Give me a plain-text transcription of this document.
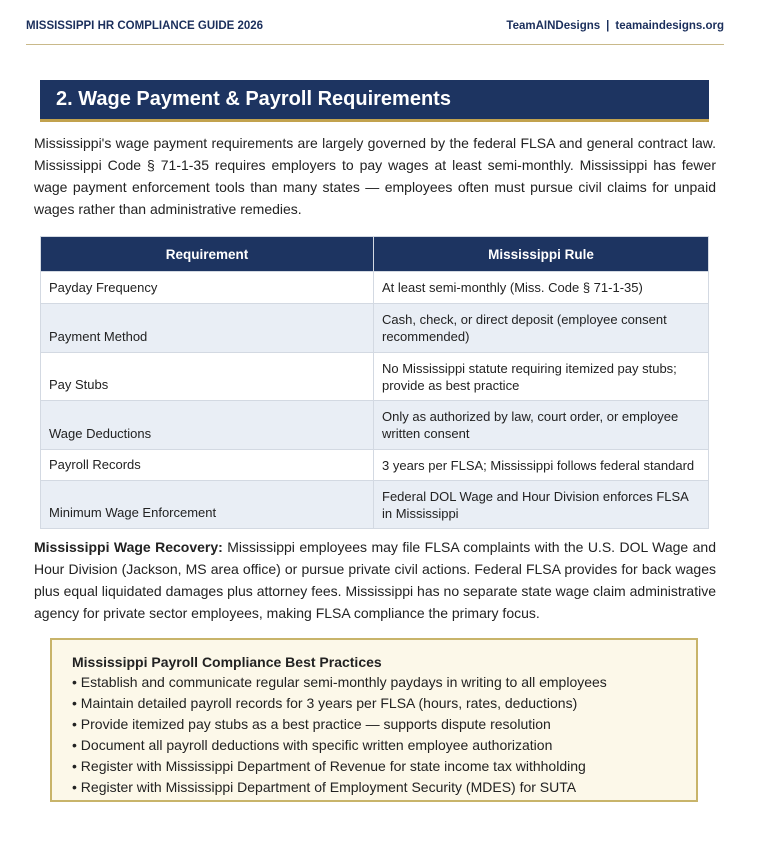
MISSISSIPPI HR COMPLIANCE GUIDE 2026	TeamAINDesigns | teamaindesigns.org
2. Wage Payment & Payroll Requirements

Mississippi's wage payment requirements are largely governed by the federal FLSA and general contract law. Mississippi Code § 71-1-35 requires employers to pay wages at least semi-monthly. Mississippi has fewer wage payment enforcement tools than many states — employees often must pursue civil claims for unpaid wages rather than administrative remedies.

Requirement	Mississippi Rule
Payday Frequency	At least semi-monthly (Miss. Code § 71-1-35)
Payment Method	Cash, check, or direct deposit (employee consent recommended)
Pay Stubs	No Mississippi statute requiring itemized pay stubs; provide as best practice
Wage Deductions	Only as authorized by law, court order, or employee written consent
Payroll Records	3 years per FLSA; Mississippi follows federal standard
Minimum Wage Enforcement	Federal DOL Wage and Hour Division enforces FLSA in Mississippi

Mississippi Wage Recovery: Mississippi employees may file FLSA complaints with the U.S. DOL Wage and Hour Division (Jackson, MS area office) or pursue private civil actions. Federal FLSA provides for back wages plus equal liquidated damages plus attorney fees. Mississippi has no separate state wage claim administrative agency for private sector employees, making FLSA compliance the primary focus.

Mississippi Payroll Compliance Best Practices
• Establish and communicate regular semi-monthly paydays in writing to all employees
• Maintain detailed payroll records for 3 years per FLSA (hours, rates, deductions)
• Provide itemized pay stubs as a best practice — supports dispute resolution
• Document all payroll deductions with specific written employee authorization
• Register with Mississippi Department of Revenue for state income tax withholding
• Register with Mississippi Department of Employment Security (MDES) for SUTA
